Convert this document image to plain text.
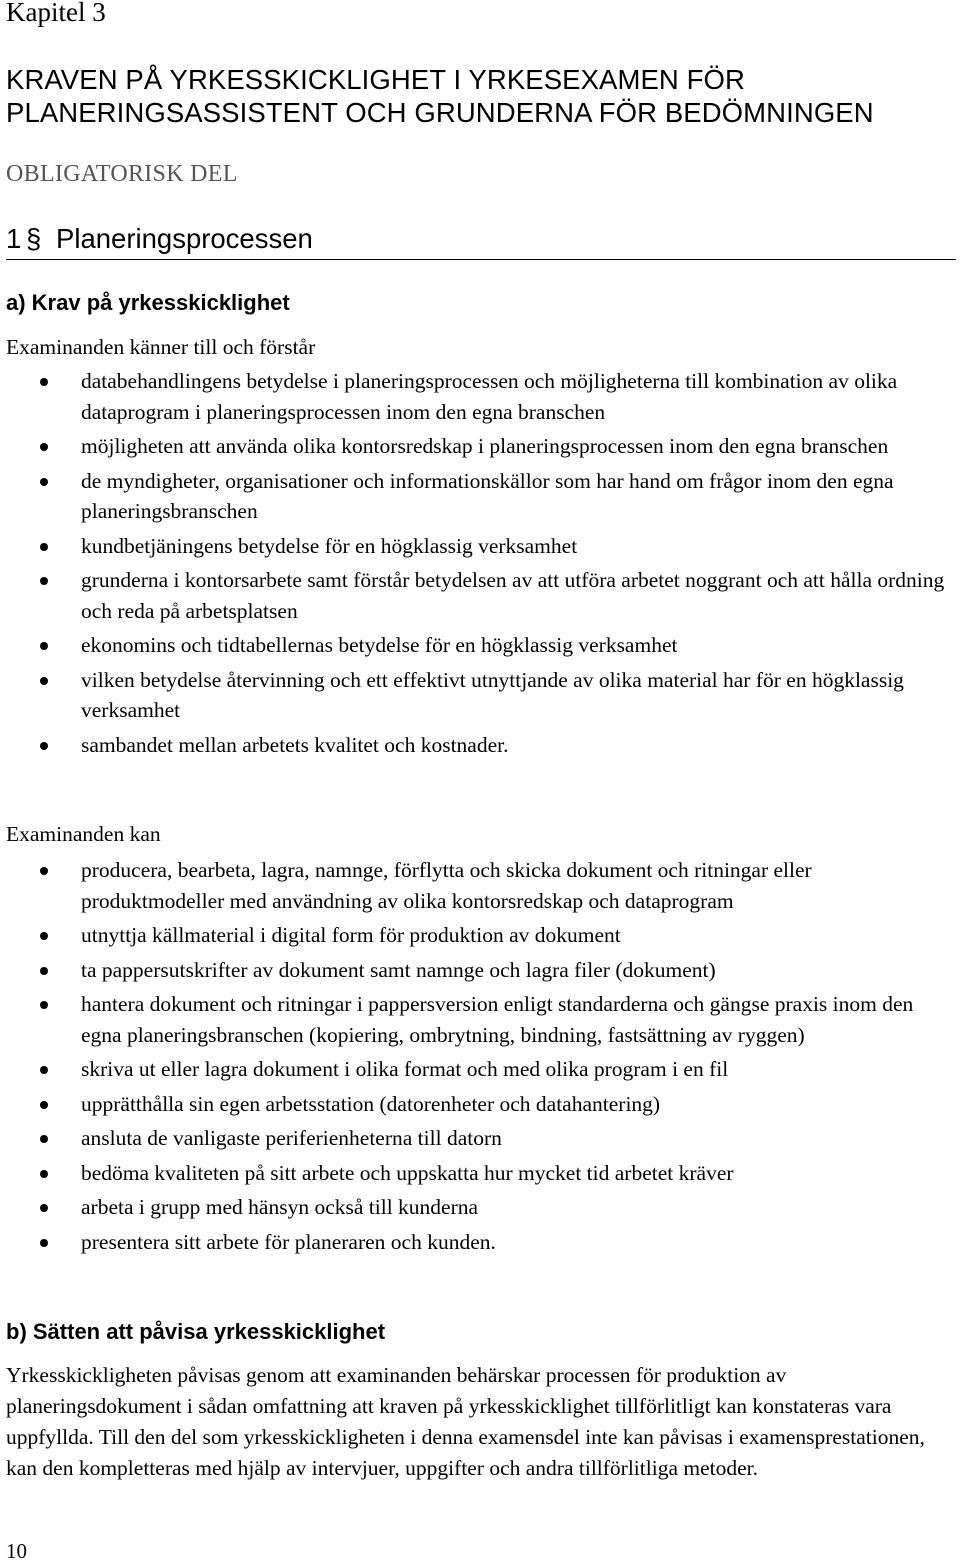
Kapitel 3
KRAVEN PÅ YRKESSKICKLIGHET I YRKESEXAMEN FÖR
PLANERINGSASSISTENT OCH GRUNDERNA FÖR BEDÖMNINGEN
OBLIGATORISK DEL
1 § Planeringsprocessen
a) Krav på yrkesskicklighet
Examinanden känner till och förstår
databehandlingens betydelse i planeringsprocessen och möjligheterna till kombination av olika dataprogram i planeringsprocessen inom den egna branschen
möjligheten att använda olika kontorsredskap i planeringsprocessen inom den egna branschen
de myndigheter, organisationer och informationskällor som har hand om frågor inom den egna planeringsbranschen
kundbetjäningens betydelse för en högklassig verksamhet
grunderna i kontorsarbete samt förstår betydelsen av att utföra arbetet noggrant och att hålla ordning och reda på arbetsplatsen
ekonomins och tidtabellernas betydelse för en högklassig verksamhet
vilken betydelse återvinning och ett effektivt utnyttjande av olika material har för en högklassig verksamhet
sambandet mellan arbetets kvalitet och kostnader.
Examinanden kan
producera, bearbeta, lagra, namnge, förflytta och skicka dokument och ritningar eller produktmodeller med användning av olika kontorsredskap och dataprogram
utnyttja källmaterial i digital form för produktion av dokument
ta pappersutskrifter av dokument samt namnge och lagra filer (dokument)
hantera dokument och ritningar i pappersversion enligt standarderna och gängse praxis inom den egna planeringsbranschen (kopiering, ombrytning, bindning, fastsättning av ryggen)
skriva ut eller lagra dokument i olika format och med olika program i en fil
upprätthålla sin egen arbetsstation (datorenheter och datahantering)
ansluta de vanligaste periferienheterna till datorn
bedöma kvaliteten på sitt arbete och uppskatta hur mycket tid arbetet kräver
arbeta i grupp med hänsyn också till kunderna
presentera sitt arbete för planeraren och kunden.
b) Sätten att påvisa yrkesskicklighet

Yrkesskickligheten påvisas genom att examinanden behärskar processen för produktion av planeringsdokument i sådan omfattning att kraven på yrkesskicklighet tillförlitligt kan konstateras vara uppfyllda. Till den del som yrkesskickligheten i denna examensdel inte kan påvisas i examensprestationen, kan den kompletteras med hjälp av intervjuer, uppgifter och andra tillförlitliga metoder.

10
